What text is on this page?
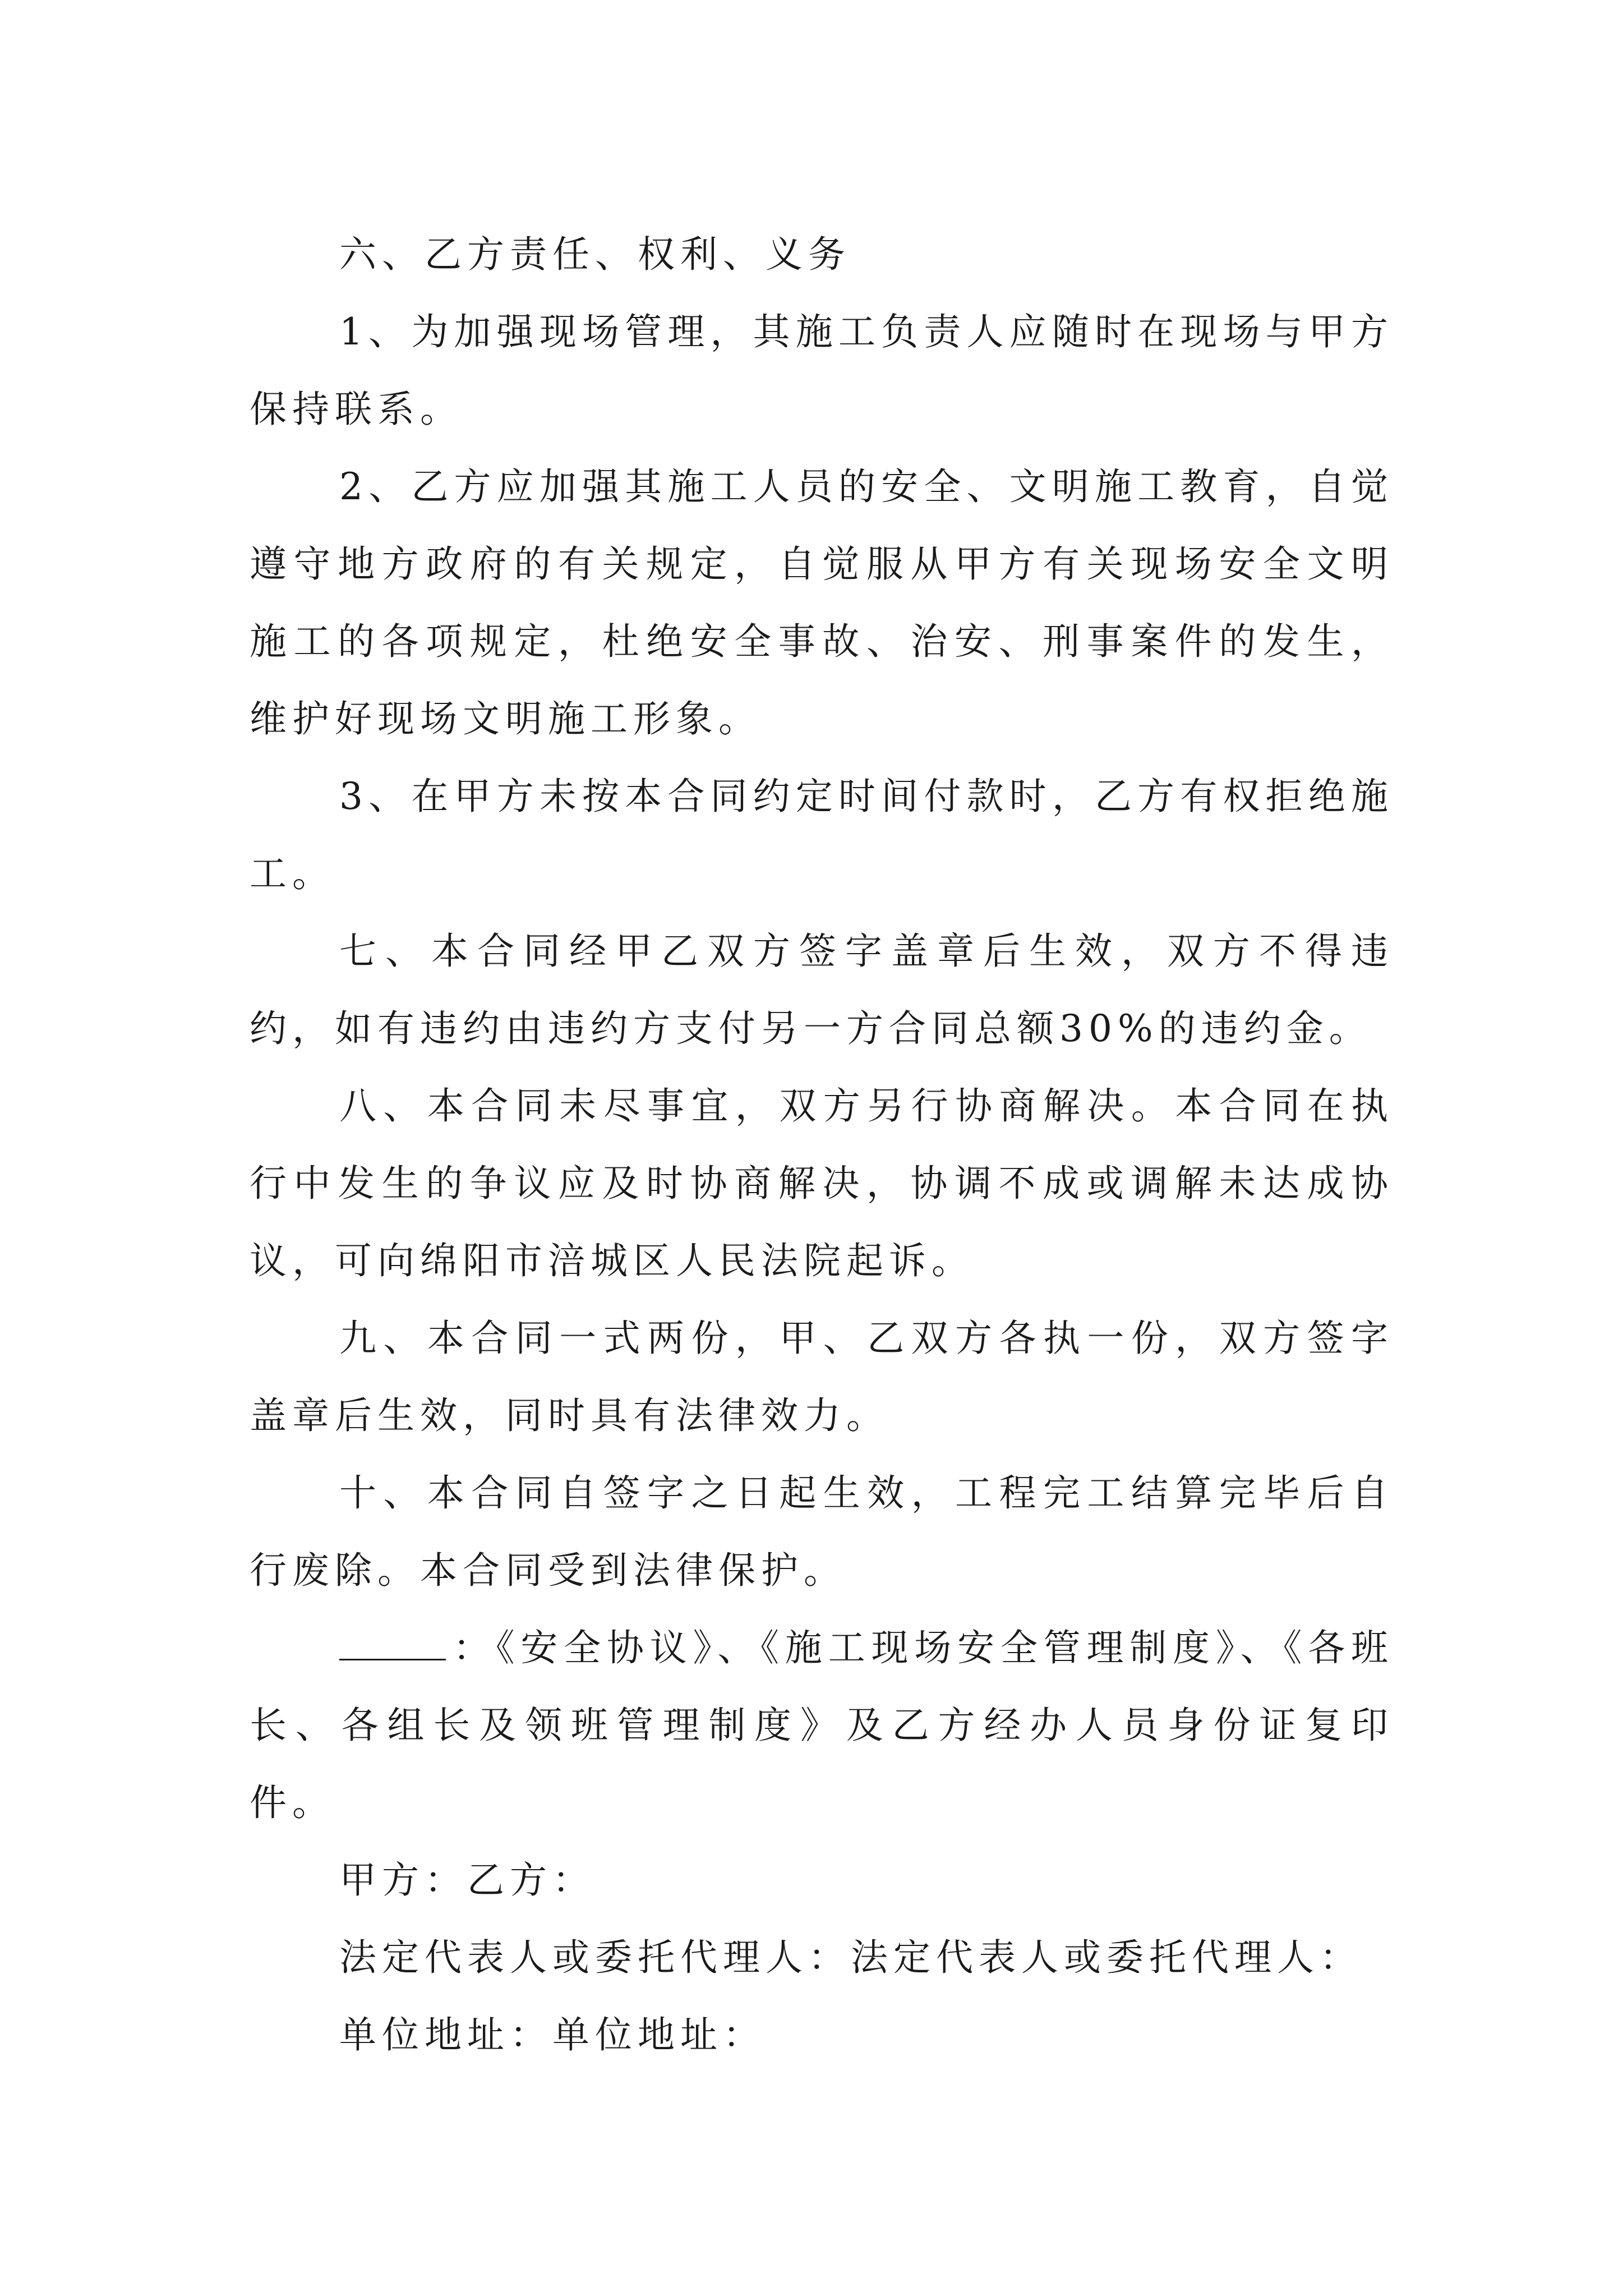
六、乙方责任、权利、义务

1、为加强现场管理，其施工负责人应随时在现场与甲方保持联系。

2、乙方应加强其施工人员的安全、文明施工教育，自觉遵守地方政府的有关规定，自觉服从甲方有关现场安全文明施工的各项规定，杜绝安全事故、治安、刑事案件的发生，维护好现场文明施工形象。

3、在甲方未按本合同约定时间付款时，乙方有权拒绝施工。

七、本合同经甲乙双方签字盖章后生效，双方不得违约，如有违约由违约方支付另一方合同总额30%的违约金。

八、本合同未尽事宜，双方另行协商解决。本合同在执行中发生的争议应及时协商解决，协调不成或调解未达成协议，可向绵阳市涪城区人民法院起诉。

九、本合同一式两份，甲、乙双方各执一份，双方签字盖章后生效，同时具有法律效力。

十、本合同自签字之日起生效，工程完工结算完毕后自行废除。本合同受到法律保护。

：《安全协议》、《施工现场安全管理制度》、《各班长、各组长及领班管理制度》及乙方经办人员身份证复印件。

甲方：乙方：

法定代表人或委托代理人：法定代表人或委托代理人：

单位地址：单位地址：
